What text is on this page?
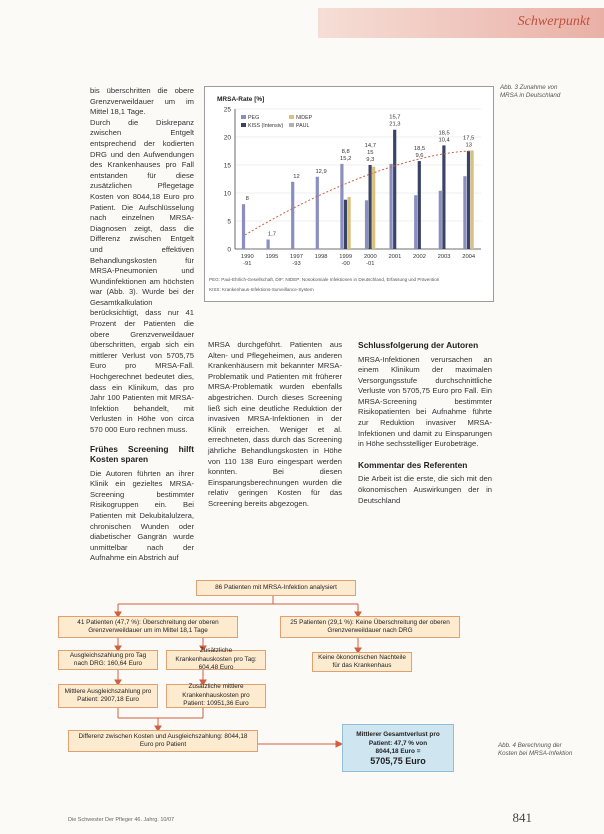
Schwerpunkt
Abb. 3 Zunahme von MRSA in Deutschland
Abb. 4 Berechnung der Kosten bei MRSA-Infektion

bis überschritten die obere Grenzverweildauer um im Mittel 18,1 Tage.

Durch die Diskrepanz zwischen Entgelt entsprechend der kodierten DRG und den Aufwendungen des Krankenhauses pro Fall entstanden für diese zusätzlichen Pflegetage Kosten von 8044,18 Euro pro Patient. Die Aufschlüsselung nach einzelnen MRSA-Diagnosen zeigt, dass die Differenz zwischen Entgelt und effektiven Behandlungskosten für MRSA-Pneumonien und Wundinfektionen am höchsten war (Abb. 3). Wurde bei der Gesamtkalkulation berücksichtigt, dass nur 41 Prozent der Patienten die obere Grenzverweildauer überschritten, ergab sich ein mittlerer Verlust von 5705,75 Euro pro MRSA-Fall. Hochgerechnet bedeutet dies, dass ein Klinikum, das pro Jahr 100 Patienten mit MRSA-Infektion behandelt, mit Verlusten in Höhe von circa 570 000 Euro rechnen muss.

Frühes Screening hilft Kosten sparen

Die Autoren führten an ihrer Klinik ein gezieltes MRSA-Screening bestimmter Risikogruppen ein. Bei Patienten mit Dekubitalulzera, chronischen Wunden oder diabetischer Gangrän wurde unmittelbar nach der Aufnahme ein Abstrich auf

MRSA-Rate [%]
0
5
10
15
20
25
1990
-91
1995 1997
-93
1998 1999
-00
2000
-01
2001 2002 2003 2004
8
1,7
12
12,9
15,2
8,8
9,3
15
14,7
21,3
15,7
9,6
18,5
10,4
18,5
13
17,5
PEG	NIDEP
KISS (Intensiv) PAUL
PEG: Paul-Ehrlich-Gesellschaft, DIF: NIDEP: Nosokomiale Infektionen in Deutschland, Erfassung und Prävention
KISS: Krankenhaus-Infektions-Surveillance-System

MRSA durchgeführt. Patienten aus Alten- und Pflegeheimen, aus anderen Krankenhäusern mit bekannter MRSA-Problematik und Patienten mit früherer MRSA-Problematik wurden ebenfalls abgestrichen. Durch dieses Screening ließ sich eine deutliche Reduktion der invasiven MRSA-Infektionen in der Klinik erreichen. Weniger et al. errechneten, dass durch das Screening jährliche Behandlungskosten in Höhe von 110 138 Euro eingespart werden konnten. Bei diesen Einsparungsberechnungen wurden die relativ geringen Kosten für das Screening bereits abgezogen.

Schlussfolgerung der Autoren

MRSA-Infektionen verursachen an einem Klinikum der maximalen Versorgungsstufe durchschnittliche Verluste von 5705,75 Euro pro Fall. Ein MRSA-Screening bestimmter Risikopatienten bei Aufnahme führte zur Reduktion invasiver MRSA-Infektionen und damit zu Einsparungen in Höhe sechsstelliger Eurobeträge.

Kommentar des Referenten

Die Arbeit ist die erste, die sich mit den ökonomischen Auswirkungen der in Deutschland

86 Patienten mit MRSA-Infektion analysiert
41 Patienten (47,7 %): Überschreitung der oberen Grenzverweildauer um im Mittel 18,1 Tage
25 Patienten (29,1 %): Keine Überschreitung der oberen Grenzverweildauer nach DRG
Ausgleichszahlung pro Tag nach DRG: 160,64 Euro
Zusätzliche Krankenhauskosten pro Tag: 604,48 Euro
Keine ökonomischen Nachteile für das Krankenhaus
Mittlere Ausgleichszahlung pro Patient: 2907,18 Euro
Zusätzliche mittlere Krankenhauskosten pro Patient: 10951,36 Euro
Differenz zwischen Kosten und Ausgleichszahlung: 8044,18 Euro pro Patient
Mittlerer Gesamtverlust pro Patient: 47,7 % von
8044,18 Euro =
5705,75 Euro
Die Schwester Der Pfleger 46. Jahrg. 10/07	841
